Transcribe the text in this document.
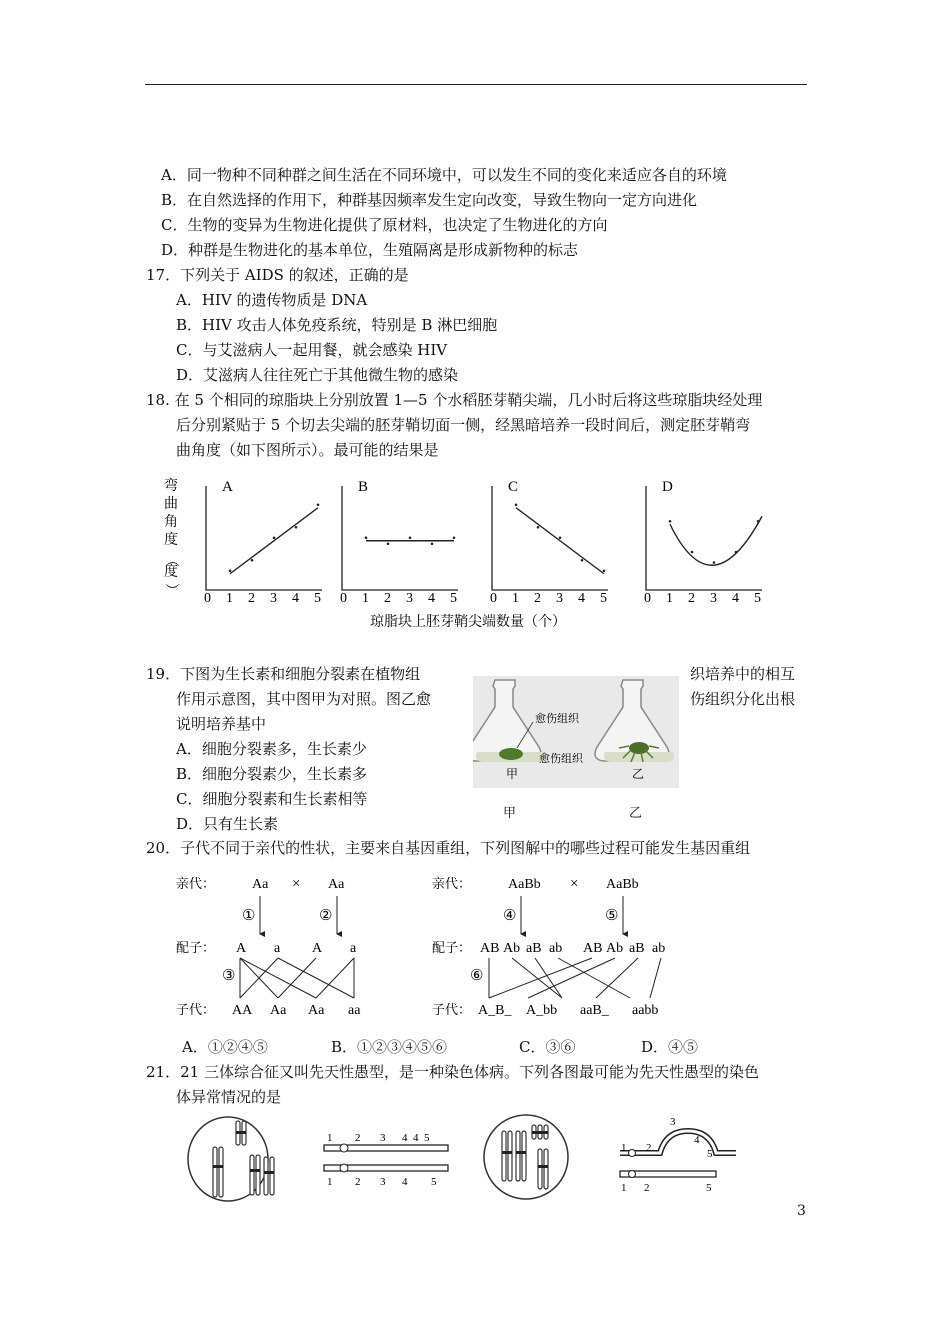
A．同一物种不同种群之间生活在不同环境中，可以发生不同的变化来适应各自的环境
B．在自然选择的作用下，种群基因频率发生定向改变，导致生物向一定方向进化
C．生物的变异为生物进化提供了原材料，也决定了生物进化的方向
D．种群是生物进化的基本单位，生殖隔离是形成新物种的标志
17．下列关于 AIDS 的叙述，正确的是
A．HIV 的遗传物质是 DNA
B．HIV 攻击人体免疫系统，特别是 B 淋巴细胞
C．与艾滋病人一起用餐，就会感染 HIV
D．艾滋病人往往死亡于其他微生物的感染
18. 在 5 个相同的琼脂块上分别放置 1—5 个水稻胚芽鞘尖端，几小时后将这些琼脂块经处理
后分别紧贴于 5 个切去尖端的胚芽鞘切面一侧，经黑暗培养一段时间后，测定胚芽鞘弯
曲角度（如下图所示）。最可能的结果是
弯
曲
角
度
（
度
）
琼脂块上胚芽鞘尖端数量（个）
A
0 1 2 3 4 5
B
0 1 2 3 4 5
C
0 1 2 3 4 5
D
0 1 2 3 4 5
19．下图为生长素和细胞分裂素在植物组
作用示意图，其中图甲为对照。图乙愈
说明培养基中
织培养中的相互
伤组织分化出根
A．细胞分裂素多，生长素少
B．细胞分裂素少，生长素多
C．细胞分裂素和生长素相等
D．只有生长素
愈伤组织
愈伤组织
甲	乙
甲	乙
20．子代不同于亲代的性状，主要来自基因重组，下列图解中的哪些过程可能发生基因重组
亲代：	Aa × Aa
①	②
配子： A a A a
③
子代： AA Aa Aa aa
亲代：	AaBb × AaBb
④	⑤
配子： AB Ab aB ab AB Ab aB ab
⑥
子代： A_B_ A_bb aaB_ aabb
A．①②④⑤	B．①②③④⑤⑥	C．③⑥	D．④⑤
21．21 三体综合征又叫先天性愚型，是一种染色体病。下列各图最可能为先天性愚型的染色
体异常情况的是
1 2 3 4 4 5
1 2 3 4 5
1 2
3
4
5
1 2	5
3
